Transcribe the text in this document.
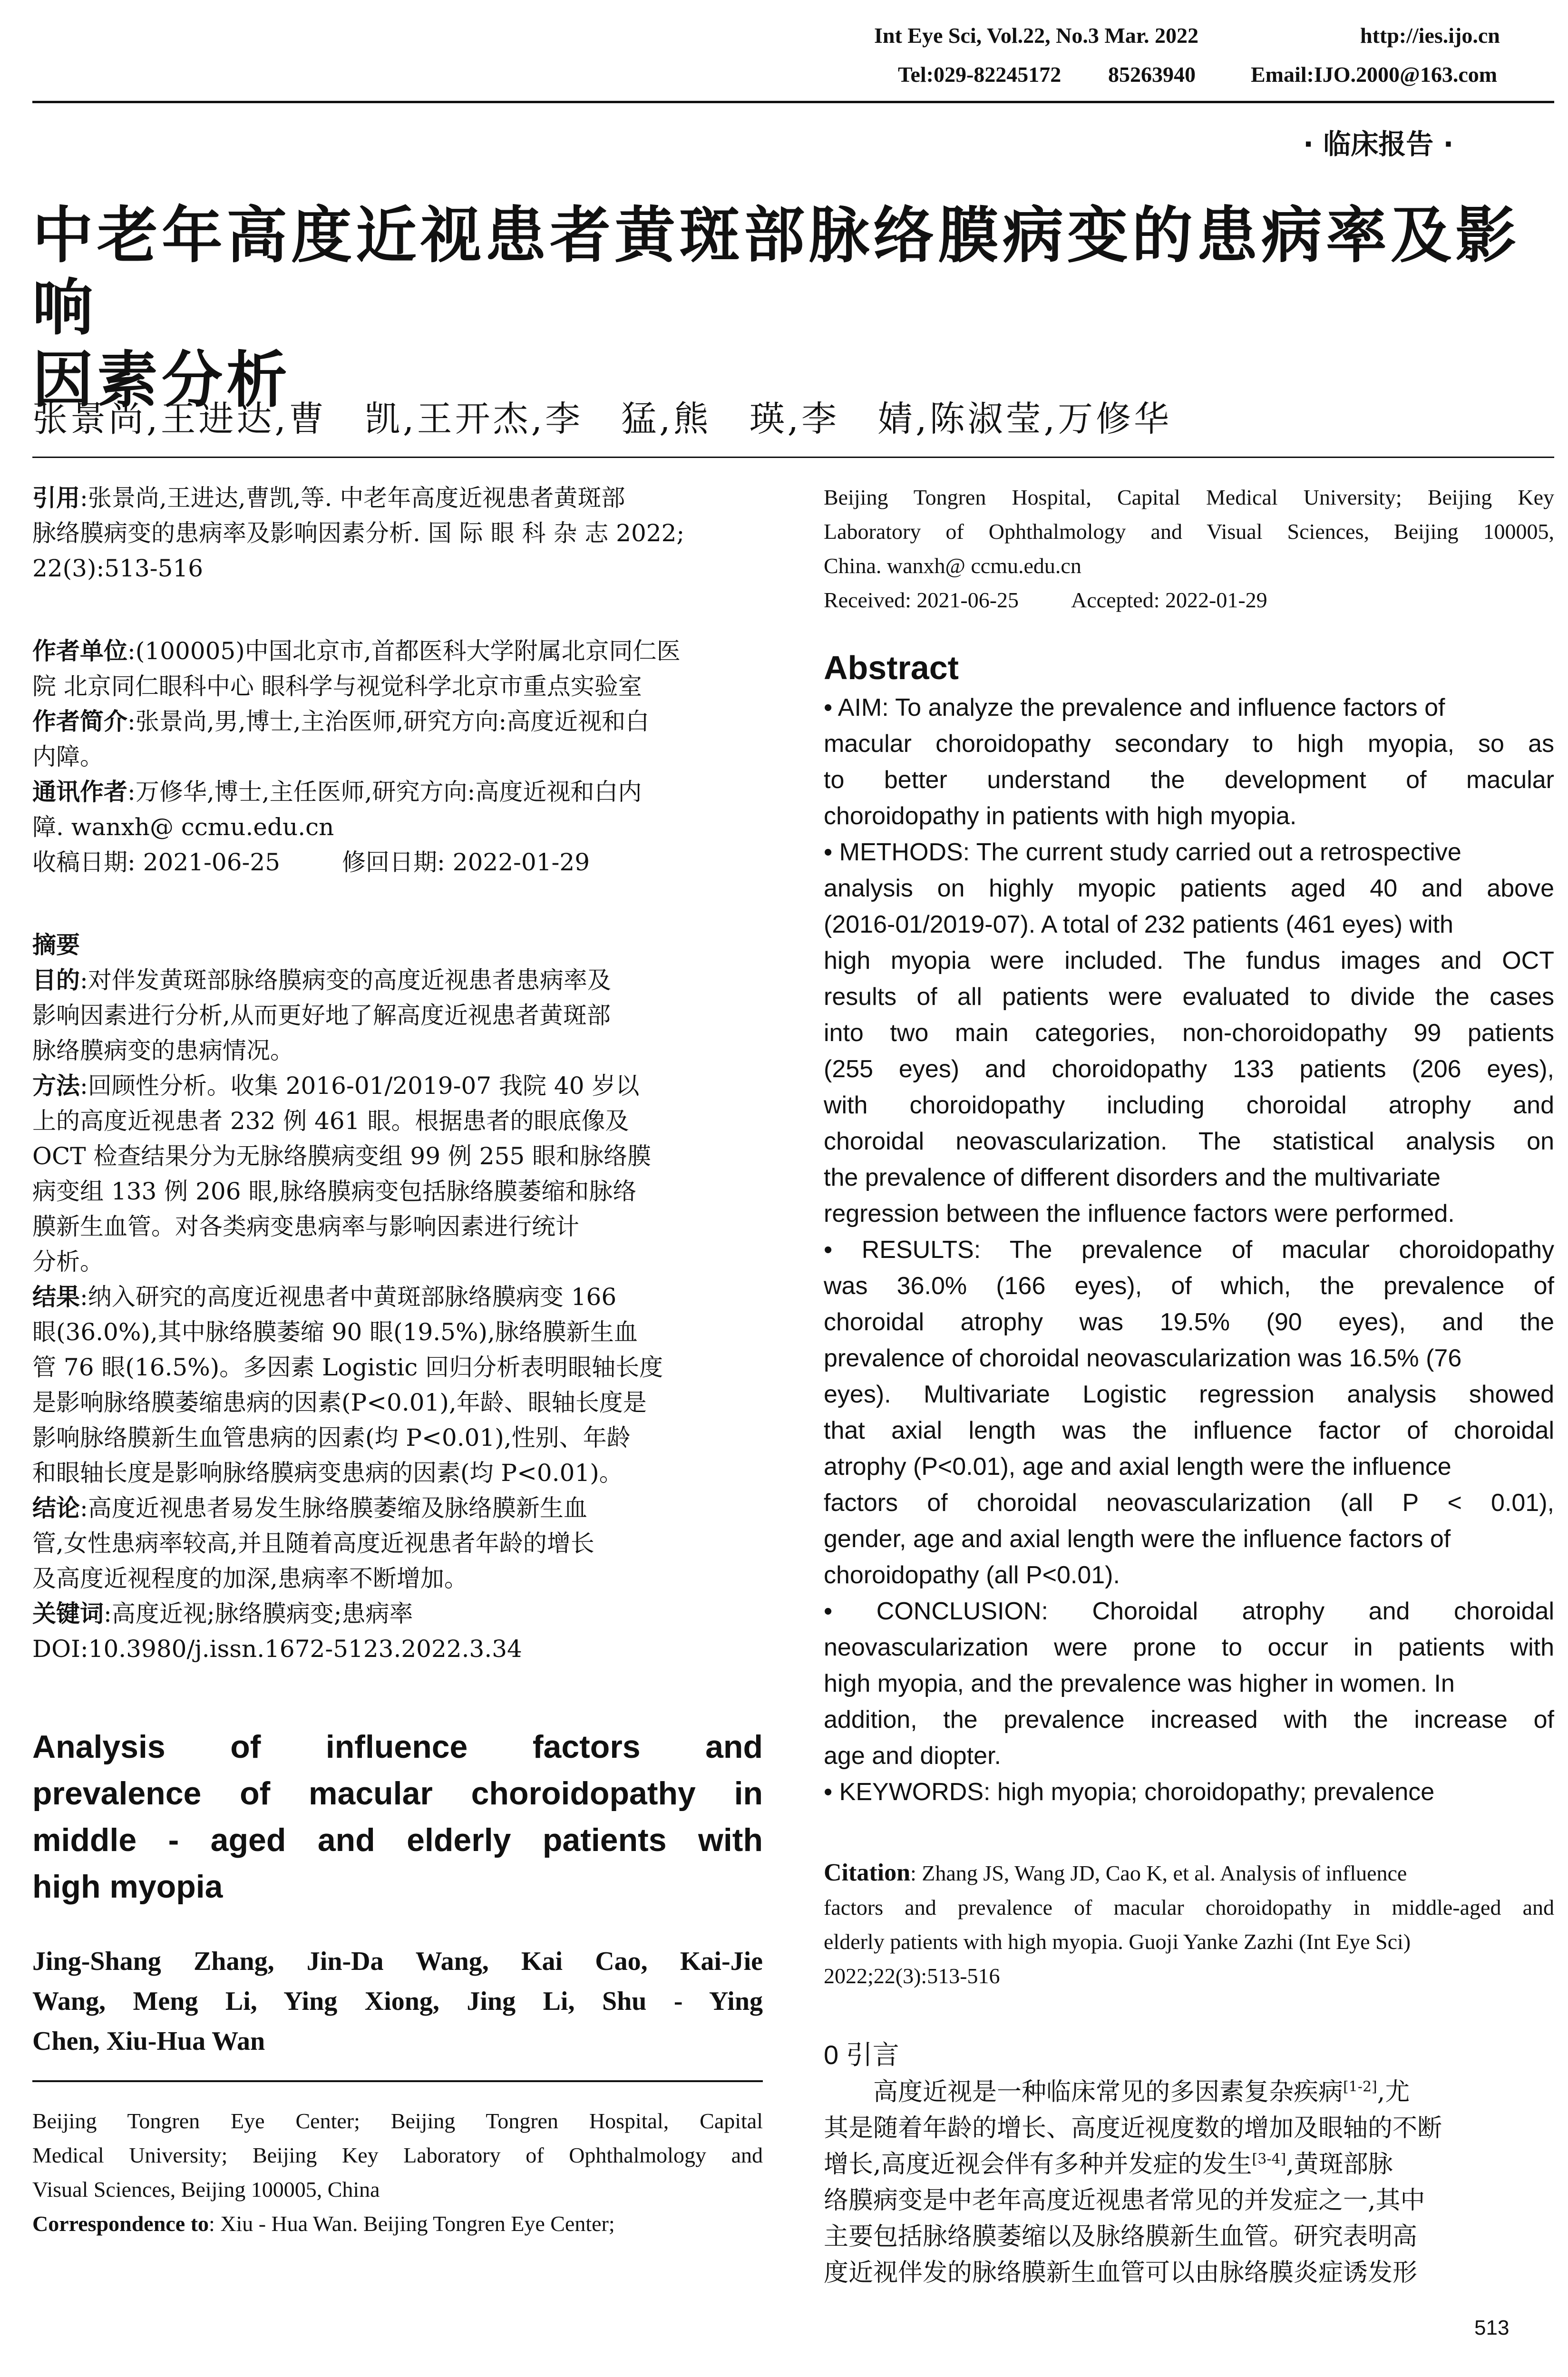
Int Eye Sci, Vol.22, No.3 Mar. 2022	http://ies.ijo.cn
Tel:029-82245172 85263940	Email:IJO.2000@163.com
· 临床报告 ·
中老年高度近视患者黄斑部脉络膜病变的患病率及影响
因素分析
张景尚,王进达,曹　凯,王开杰,李　猛,熊　瑛,李　婧,陈淑莹,万修华
引用:张景尚,王进达,曹凯,等. 中老年高度近视患者黄斑部
脉络膜病变的患病率及影响因素分析. 国 际 眼 科 杂 志 2022;
22(3):513-516
作者单位:(100005)中国北京市,首都医科大学附属北京同仁医
院 北京同仁眼科中心 眼科学与视觉科学北京市重点实验室
作者简介:张景尚,男,博士,主治医师,研究方向:高度近视和白
内障。
通讯作者:万修华,博士,主任医师,研究方向:高度近视和白内
障. wanxh@ ccmu.edu.cn
收稿日期: 2021-06-25	修回日期: 2022-01-29
摘要
目的:对伴发黄斑部脉络膜病变的高度近视患者患病率及
影响因素进行分析,从而更好地了解高度近视患者黄斑部
脉络膜病变的患病情况。
方法:回顾性分析。收集 2016-01/2019-07 我院 40 岁以
上的高度近视患者 232 例 461 眼。根据患者的眼底像及
OCT 检查结果分为无脉络膜病变组 99 例 255 眼和脉络膜
病变组 133 例 206 眼,脉络膜病变包括脉络膜萎缩和脉络
膜新生血管。对各类病变患病率与影响因素进行统计
分析。
结果:纳入研究的高度近视患者中黄斑部脉络膜病变 166
眼(36.0%),其中脉络膜萎缩 90 眼(19.5%),脉络膜新生血
管 76 眼(16.5%)。多因素 Logistic 回归分析表明眼轴长度
是影响脉络膜萎缩患病的因素(P<0.01),年龄、眼轴长度是
影响脉络膜新生血管患病的因素(均 P<0.01),性别、年龄
和眼轴长度是影响脉络膜病变患病的因素(均 P<0.01)。
结论:高度近视患者易发生脉络膜萎缩及脉络膜新生血
管,女性患病率较高,并且随着高度近视患者年龄的增长
及高度近视程度的加深,患病率不断增加。
关键词:高度近视;脉络膜病变;患病率
DOI:10.3980/j.issn.1672-5123.2022.3.34
Analysis of influence factors and
prevalence of macular choroidopathy in
middle - aged and elderly patients with
high myopia
Jing-Shang Zhang, Jin-Da Wang, Kai Cao, Kai-Jie
Wang, Meng Li, Ying Xiong, Jing Li, Shu - Ying
Chen, Xiu-Hua Wan
Beijing Tongren Eye Center; Beijing Tongren Hospital, Capital
Medical University; Beijing Key Laboratory of Ophthalmology and
Visual Sciences, Beijing 100005, China
Correspondence to: Xiu - Hua Wan. Beijing Tongren Eye Center;
Beijing Tongren Hospital, Capital Medical University; Beijing Key
Laboratory of Ophthalmology and Visual Sciences, Beijing 100005,
China. wanxh@ ccmu.edu.cn
Received: 2021-06-25 Accepted: 2022-01-29
Abstract
• AIM: To analyze the prevalence and influence factors of
macular choroidopathy secondary to high myopia, so as
to better understand the development of macular
choroidopathy in patients with high myopia.
• METHODS: The current study carried out a retrospective
analysis on highly myopic patients aged 40 and above
(2016-01/2019-07). A total of 232 patients (461 eyes) with
high myopia were included. The fundus images and OCT
results of all patients were evaluated to divide the cases
into two main categories, non-choroidopathy 99 patients
(255 eyes) and choroidopathy 133 patients (206 eyes),
with choroidopathy including choroidal atrophy and
choroidal neovascularization. The statistical analysis on
the prevalence of different disorders and the multivariate
regression between the influence factors were performed.
• RESULTS: The prevalence of macular choroidopathy
was 36.0% (166 eyes), of which, the prevalence of
choroidal atrophy was 19.5% (90 eyes), and the
prevalence of choroidal neovascularization was 16.5% (76
eyes). Multivariate Logistic regression analysis showed
that axial length was the influence factor of choroidal
atrophy (P<0.01), age and axial length were the influence
factors of choroidal neovascularization (all P < 0.01),
gender, age and axial length were the influence factors of
choroidopathy (all P<0.01).
• CONCLUSION: Choroidal atrophy and choroidal
neovascularization were prone to occur in patients with
high myopia, and the prevalence was higher in women. In
addition, the prevalence increased with the increase of
age and diopter.
• KEYWORDS: high myopia; choroidopathy; prevalence
Citation: Zhang JS, Wang JD, Cao K, et al. Analysis of influence
factors and prevalence of macular choroidopathy in middle-aged and
elderly patients with high myopia. Guoji Yanke Zazhi (Int Eye Sci)
2022;22(3):513-516
0 引言
　　高度近视是一种临床常见的多因素复杂疾病[1-2],尤
其是随着年龄的增长、高度近视度数的增加及眼轴的不断
增长,高度近视会伴有多种并发症的发生[3-4],黄斑部脉
络膜病变是中老年高度近视患者常见的并发症之一,其中
主要包括脉络膜萎缩以及脉络膜新生血管。研究表明高
度近视伴发的脉络膜新生血管可以由脉络膜炎症诱发形
513
